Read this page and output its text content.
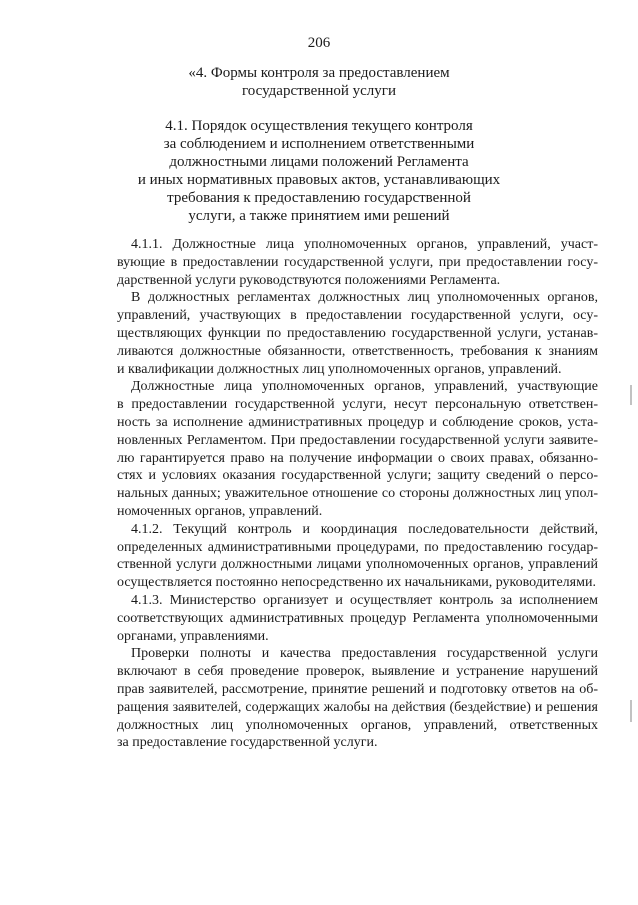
206
«4. Формы контроля за предоставлением
государственной услуги
4.1. Порядок осуществления текущего контроля
за соблюдением и исполнением ответственными
должностными лицами положений Регламента
и иных нормативных правовых актов, устанавливающих
требования к предоставлению государственной
услуги, а также принятием ими решений
4.1.1. Должностные лица уполномоченных органов, управлений, участ-
вующие в предоставлении государственной услуги, при предоставлении госу-
дарственной услуги руководствуются положениями Регламента.
В должностных регламентах должностных лиц уполномоченных органов,
управлений, участвующих в предоставлении государственной услуги, осу-
ществляющих функции по предоставлению государственной услуги, устанав-
ливаются должностные обязанности, ответственность, требования к знаниям
и квалификации должностных лиц уполномоченных органов, управлений.
Должностные лица уполномоченных органов, управлений, участвующие
в предоставлении государственной услуги, несут персональную ответствен-
ность за исполнение административных процедур и соблюдение сроков, уста-
новленных Регламентом. При предоставлении государственной услуги заявите-
лю гарантируется право на получение информации о своих правах, обязанно-
стях и условиях оказания государственной услуги; защиту сведений о персо-
нальных данных; уважительное отношение со стороны должностных лиц упол-
номоченных органов, управлений.
4.1.2. Текущий контроль и координация последовательности действий,
определенных административными процедурами, по предоставлению государ-
ственной услуги должностными лицами уполномоченных органов, управлений
осуществляется постоянно непосредственно их начальниками, руководителями.
4.1.3. Министерство организует и осуществляет контроль за исполнением
соответствующих административных процедур Регламента уполномоченными
органами, управлениями.
Проверки полноты и качества предоставления государственной услуги
включают в себя проведение проверок, выявление и устранение нарушений
прав заявителей, рассмотрение, принятие решений и подготовку ответов на об-
ращения заявителей, содержащих жалобы на действия (бездействие) и решения
должностных лиц уполномоченных органов, управлений, ответственных
за предоставление государственной услуги.
